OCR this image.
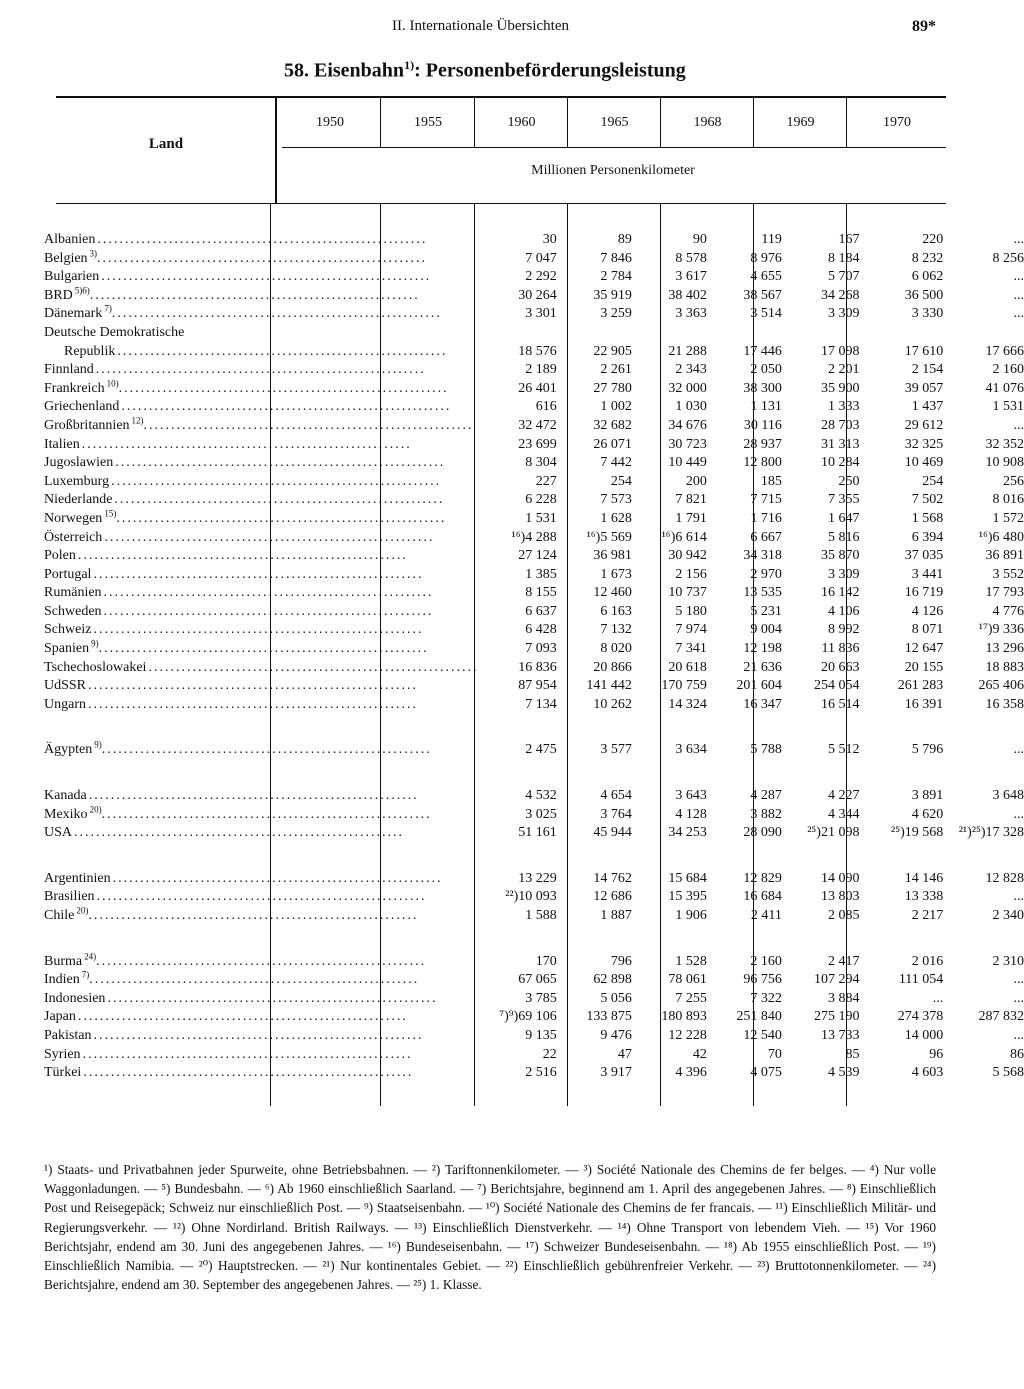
II. Internationale Übersichten	89*
58. Eisenbahn$^{1)}$: Personenbeförderungsleistung
Land
1950	1955	1960	1965	1968	1969	1970
Millionen Personenkilometer
Albanien ............................................................	30	89	90	119	167	220	...
Belgien $^{3)}$............................................................	7 047	7 846	8 578	8 976	8 184	8 232	8 256
Bulgarien ............................................................	2 292	2 784	3 617	4 655	5 707	6 062	...
BRD $^{5)6)}$............................................................	30 264	35 919	38 402	38 567	34 268	36 500	...
Dänemark $^{7)}$............................................................	3 301	3 259	3 363	3 514	3 309	3 330	...
Deutsche Demokratische							
Republik ............................................................	18 576	22 905	21 288	17 446	17 098	17 610	17 666
Finnland ............................................................	2 189	2 261	2 343	2 050	2 201	2 154	2 160
Frankreich $^{10)}$............................................................	26 401	27 780	32 000	38 300	35 900	39 057	41 076
Griechenland ............................................................	616	1 002	1 030	1 131	1 333	1 437	1 531
Großbritannien $^{12)}$............................................................	32 472	32 682	34 676	30 116	28 703	29 612	...
Italien ............................................................	23 699	26 071	30 723	28 937	31 313	32 325	32 352
Jugoslawien ............................................................	8 304	7 442	10 449	12 800	10 284	10 469	10 908
Luxemburg ............................................................	227	254	200	185	250	254	256
Niederlande ............................................................	6 228	7 573	7 821	7 715	7 355	7 502	8 016
Norwegen $^{15)}$............................................................	1 531	1 628	1 791	1 716	1 647	1 568	1 572
Österreich ............................................................	¹⁶)4 288	¹⁶)5 569	¹⁶)6 614	6 667	5 816	6 394	¹⁶)6 480
Polen ............................................................	27 124	36 981	30 942	34 318	35 870	37 035	36 891
Portugal ............................................................	1 385	1 673	2 156	2 970	3 309	3 441	3 552
Rumänien ............................................................	8 155	12 460	10 737	13 535	16 142	16 719	17 793
Schweden ............................................................	6 637	6 163	5 180	5 231	4 106	4 126	4 776
Schweiz ............................................................	6 428	7 132	7 974	9 004	8 992	8 071	¹⁷)9 336
Spanien $^{9)}$............................................................	7 093	8 020	7 341	12 198	11 836	12 647	13 296
Tschechoslowakei ............................................................	16 836	20 866	20 618	21 636	20 663	20 155	18 883
UdSSR ............................................................	87 954	141 442	170 759	201 604	254 054	261 283	265 406
Ungarn ............................................................	7 134	10 262	14 324	16 347	16 514	16 391	16 358

Ägypten $^{9)}$............................................................	2 475	3 577	3 634	5 788	5 512	5 796	...

Kanada ............................................................	4 532	4 654	3 643	4 287	4 227	3 891	3 648
Mexiko $^{20)}$............................................................	3 025	3 764	4 128	3 882	4 344	4 620	...
USA ............................................................	51 161	45 944	34 253	28 090	²⁵)21 098	²⁵)19 568	²¹)²⁵)17 328

Argentinien ............................................................	13 229	14 762	15 684	12 829	14 090	14 146	12 828
Brasilien ............................................................	²²)10 093	12 686	15 395	16 684	13 803	13 338	...
Chile $^{20)}$............................................................	1 588	1 887	1 906	2 411	2 085	2 217	2 340

Burma $^{24)}$............................................................	170	796	1 528	2 160	2 417	2 016	2 310
Indien $^{7)}$............................................................	67 065	62 898	78 061	96 756	107 294	111 054	...
Indonesien ............................................................	3 785	5 056	7 255	7 322	3 884	...	...
Japan ............................................................	⁷)⁹)69 106	133 875	180 893	251 840	275 190	274 378	287 832
Pakistan ............................................................	9 135	9 476	12 228	12 540	13 733	14 000	...
Syrien ............................................................	22	47	42	70	85	96	86
Türkei ............................................................	2 516	3 917	4 396	4 075	4 539	4 603	5 568
¹) Staats- und Privatbahnen jeder Spurweite, ohne Betriebsbahnen. — ²) Tariftonnenkilometer. — ³) Société Nationale des Chemins de fer belges. — ⁴) Nur volle Waggonladungen. — ⁵) Bundesbahn. — ⁶) Ab 1960 einschließlich Saarland. — ⁷) Berichtsjahre, beginnend am 1. April des angegebenen Jahres. — ⁸) Einschließlich Post und Reisegepäck; Schweiz nur einschließlich Post. — ⁹) Staatseisenbahn. — ¹⁰) Société Nationale des Chemins de fer francais. — ¹¹) Einschließlich Militär- und Regierungsverkehr. — ¹²) Ohne Nordirland. British Railways. — ¹³) Einschließlich Dienstverkehr. — ¹⁴) Ohne Transport von lebendem Vieh. — ¹⁵) Vor 1960 Berichtsjahr, endend am 30. Juni des angegebenen Jahres. — ¹⁶) Bundeseisenbahn. — ¹⁷) Schweizer Bundeseisenbahn. — ¹⁸) Ab 1955 einschließlich Post. — ¹⁹) Einschließlich Namibia. — ²⁰) Hauptstrecken. — ²¹) Nur kontinentales Gebiet. — ²²) Einschließlich gebührenfreier Verkehr. — ²³) Bruttotonnenkilometer. — ²⁴) Berichtsjahre, endend am 30. September des angegebenen Jahres. — ²⁵) 1. Klasse.
